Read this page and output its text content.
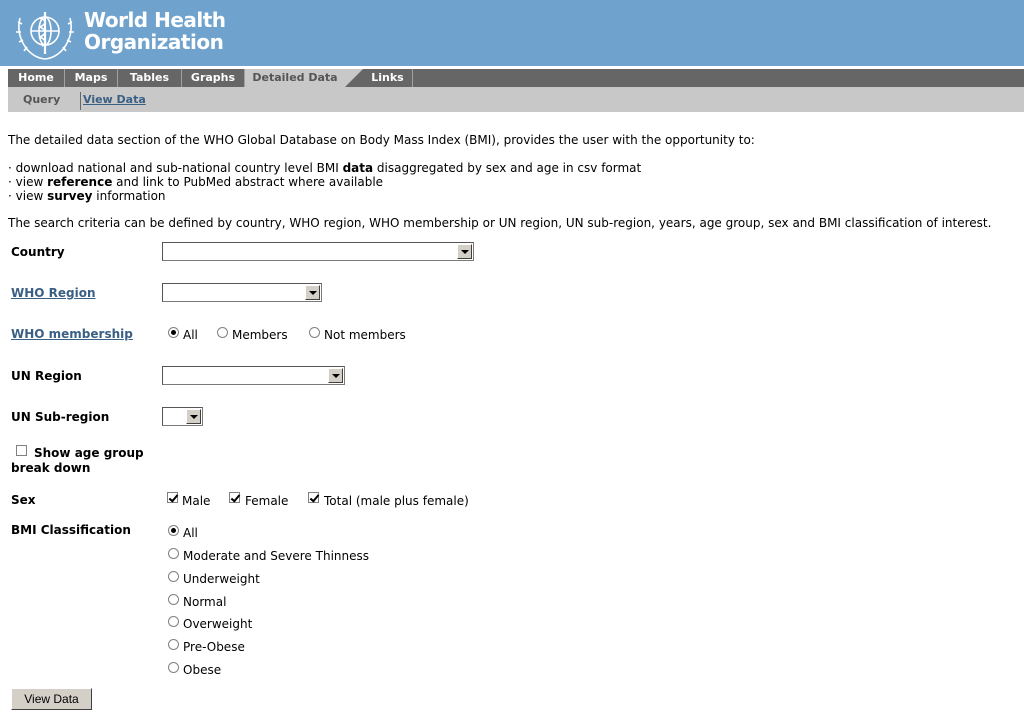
World Health
Organization
Home	Maps	Tables	Graphs	Detailed Data	Links
Query View Data
The detailed data section of the WHO Global Database on Body Mass Index (BMI), provides the user with the opportunity to:
· download national and sub-national country level BMI data disaggregated by sex and age in csv format
· view reference and link to PubMed abstract where available
· view survey information
The search criteria can be defined by country, WHO region, WHO membership or UN region, UN sub-region, years, age group, sex and BMI classification of interest.
Country
WHO Region
WHO membership	All	Members	Not members
UN Region
UN Sub-region
Show age group
break down
Sex	Male	Female	Total (male plus female)
BMI Classification	All
Moderate and Severe Thinness
Underweight
Normal
Overweight
Pre-Obese
Obese
View Data
